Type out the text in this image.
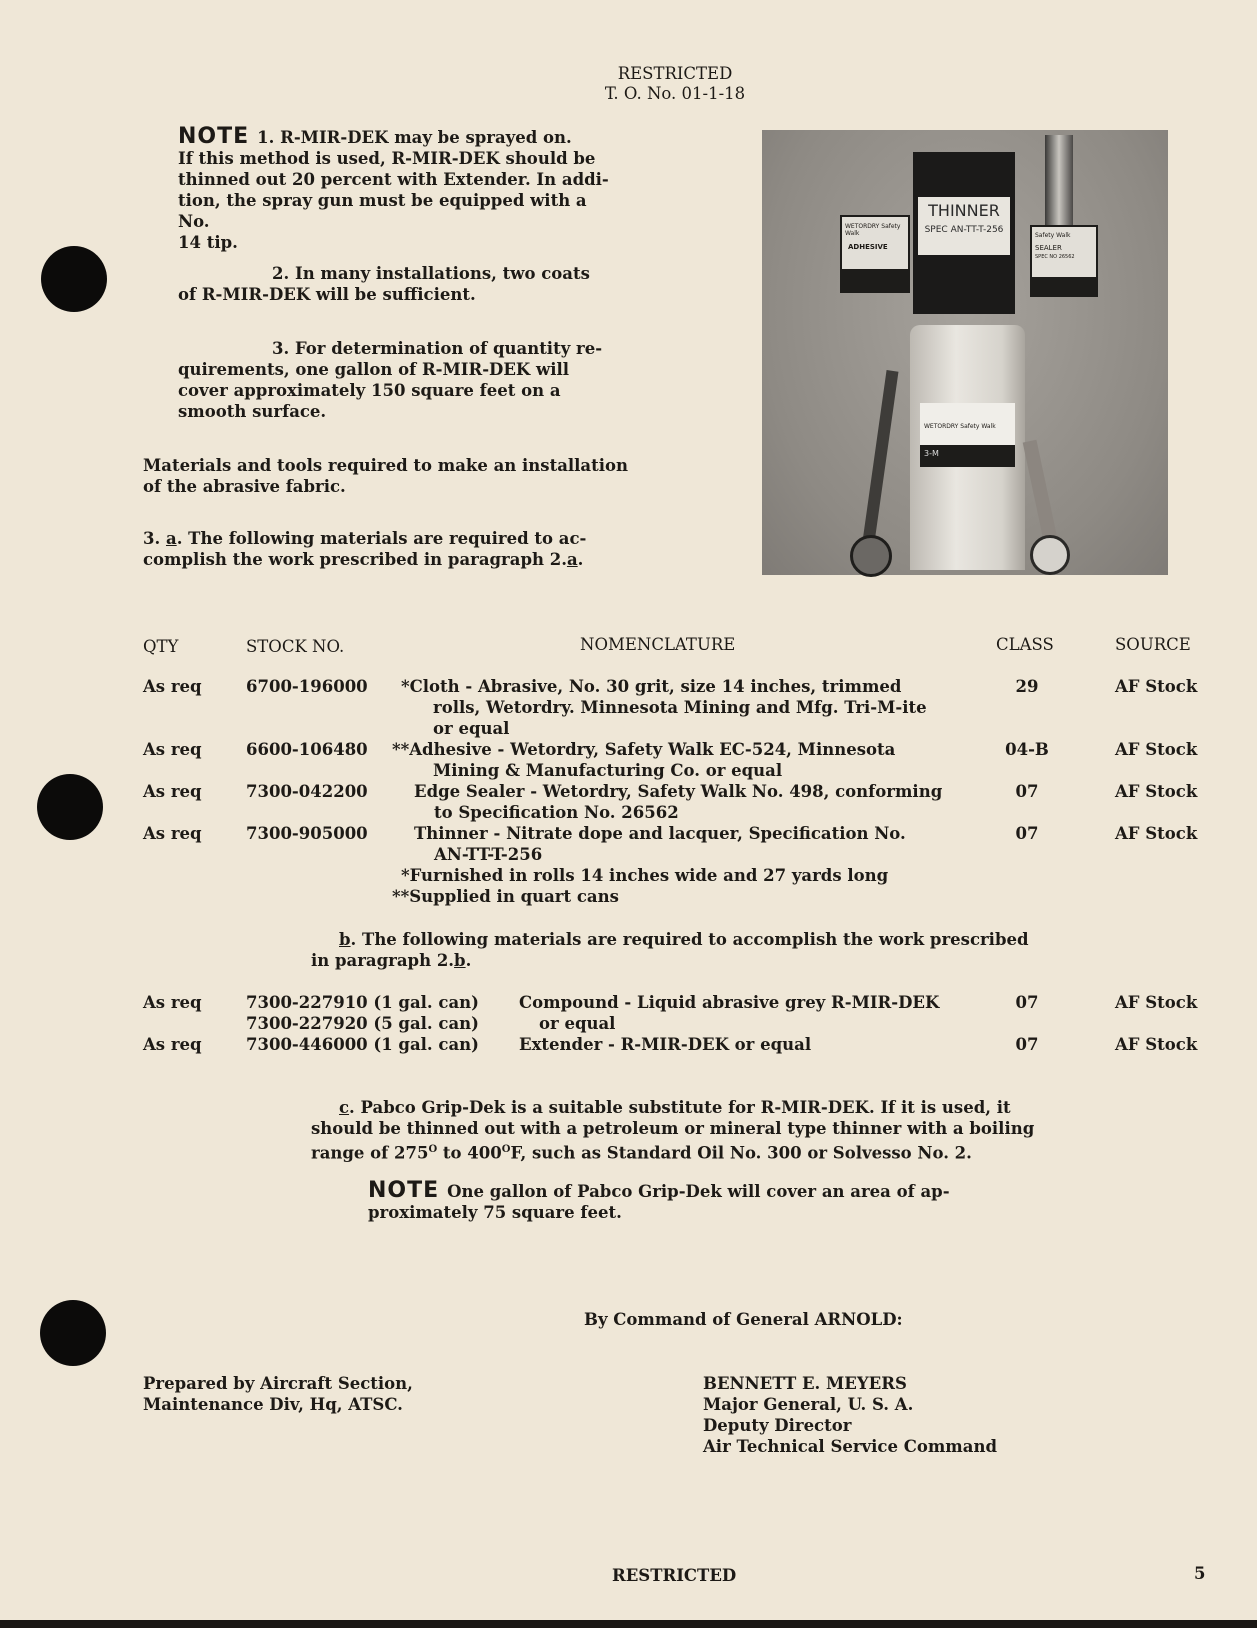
RESTRICTED
T. O. No. 01-1-18
NOTE 1. R-MIR-DEK may be sprayed on.
If this method is used, R-MIR-DEK should be
thinned out 20 percent with Extender. In addi-
tion, the spray gun must be equipped with a No.
14 tip.
2. In many installations, two coats
of R-MIR-DEK will be sufficient.
3. For determination of quantity re-
quirements, one gallon of R-MIR-DEK will
cover approximately 150 square feet on a
smooth surface.
Materials and tools required to make an installation
of the abrasive fabric.
3. a. The following materials are required to ac-
complish the work prescribed in paragraph 2.a.
THINNER
SPEC AN-TT-T-256
WETORDRY Safety Walk
ADHESIVE
Safety Walk
SEALER
SPEC NO 26562
WETORDRY Safety Walk
3-M
QTY	STOCK NO.	NOMENCLATURE	CLASS	SOURCE
As req	6700-196000 *Cloth - Abrasive, No. 30 grit, size 14 inches, trimmed
rolls, Wetordry. Minnesota Mining and Mfg. Tri-M-ite
or equal
29	AF Stock
As req	6600-106480 **Adhesive - Wetordry, Safety Walk EC-524, Minnesota
Mining & Manufacturing Co. or equal
04-B	AF Stock
As req	7300-042200	Edge Sealer - Wetordry, Safety Walk No. 498, conforming
to Specification No. 26562
07	AF Stock
As req	7300-905000	Thinner - Nitrate dope and lacquer, Specification No.
AN-TT-T-256
07	AF Stock
*Furnished in rolls 14 inches wide and 27 yards long
**Supplied in quart cans
b. The following materials are required to accomplish the work prescribed
in paragraph 2.b.
As req	7300-227910 (1 gal. can)
7300-227920 (5 gal. can)
Compound - Liquid abrasive grey R-MIR-DEK
or equal
07	AF Stock
As req	7300-446000 (1 gal. can) Extender - R-MIR-DEK or equal	07	AF Stock
c. Pabco Grip-Dek is a suitable substitute for R-MIR-DEK. If it is used, it
should be thinned out with a petroleum or mineral type thinner with a boiling
range of $275^O$ to $400^OF$, such as Standard Oil No. 300 or Solvesso No. 2.
NOTE One gallon of Pabco Grip-Dek will cover an area of ap-
proximately 75 square feet.
By Command of General ARNOLD:
Prepared by Aircraft Section,
Maintenance Div, Hq, ATSC.
BENNETT E. MEYERS
Major General, U. S. A.
Deputy Director
Air Technical Service Command
RESTRICTED	5
